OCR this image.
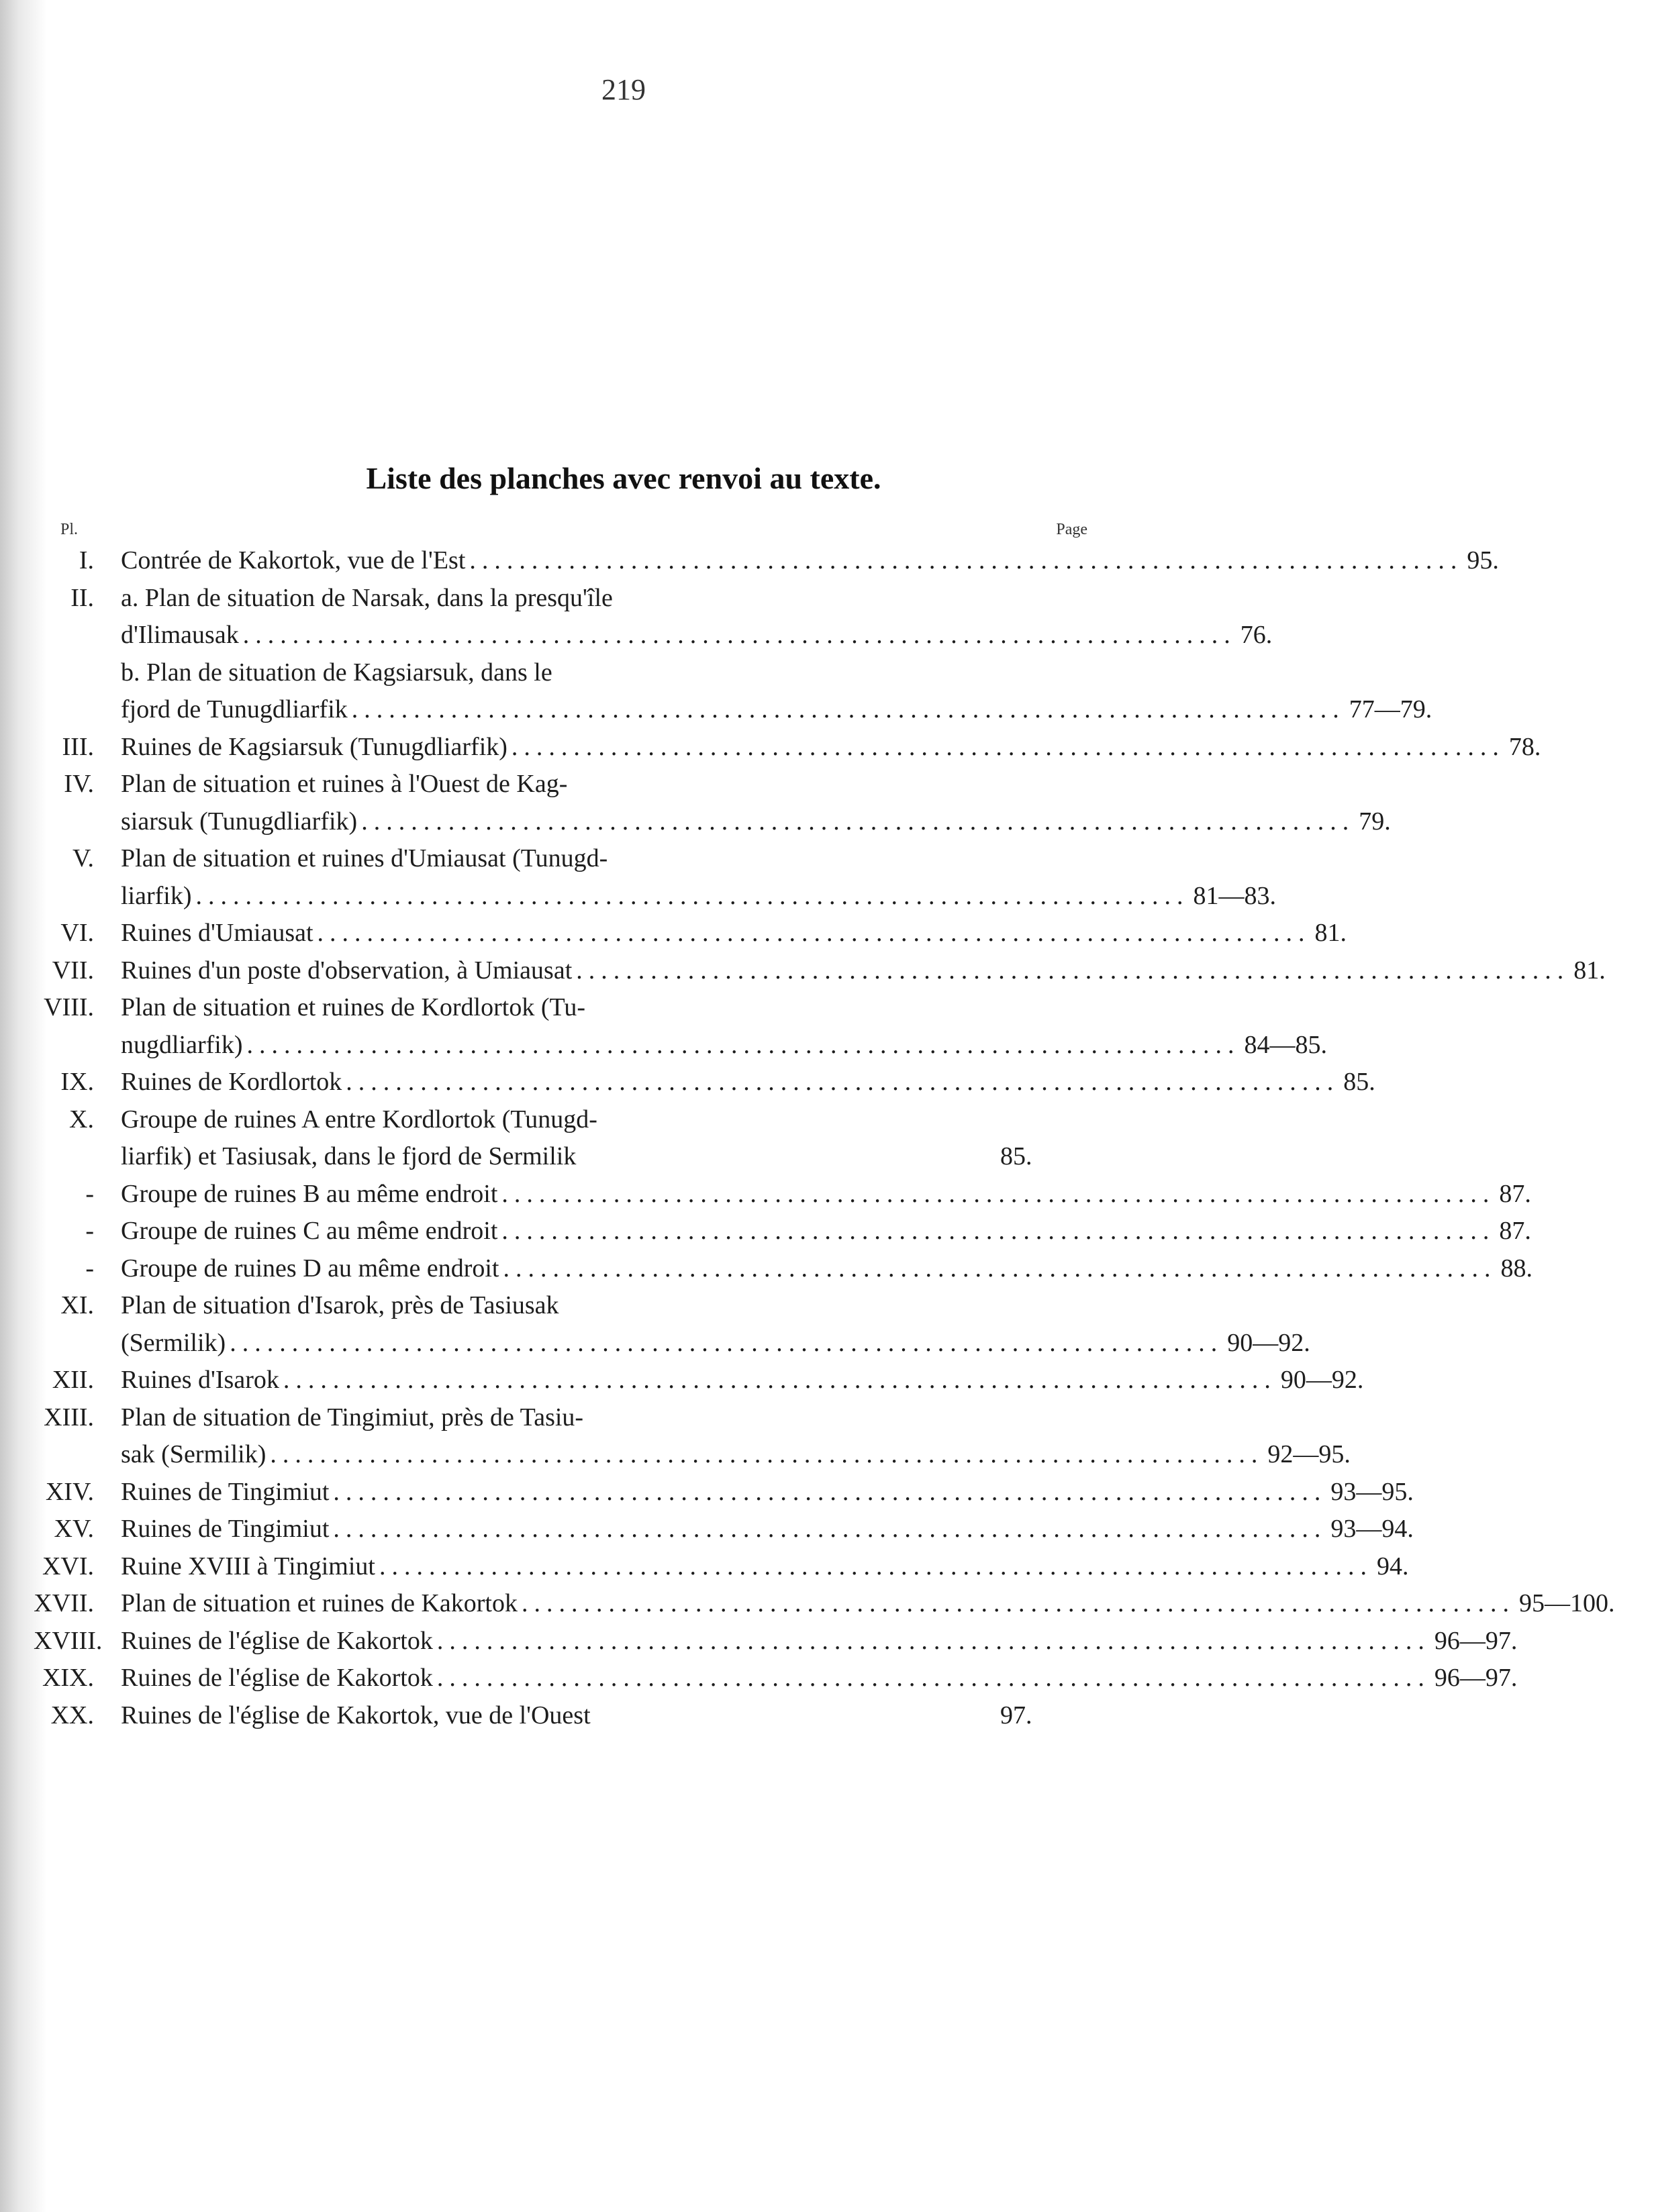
219
Liste des planches avec renvoi au texte.
Pl.	Page
I. Contrée de Kakortok, vue de l'Est ................................................................................ 95.
II. a. Plan de situation de Narsak, dans la presqu'île
d'Ilimausak ................................................................................ 76.
b. Plan de situation de Kagsiarsuk, dans le
fjord de Tunugdliarfik ................................................................................ 77—79.
III. Ruines de Kagsiarsuk (Tunugdliarfik) ................................................................................ 78.
IV. Plan de situation et ruines à l'Ouest de Kag-
siarsuk (Tunugdliarfik) ................................................................................ 79.
V. Plan de situation et ruines d'Umiausat (Tunugd-
liarfik) ................................................................................ 81—83.
VI. Ruines d'Umiausat ................................................................................ 81.
VII. Ruines d'un poste d'observation, à Umiausat ................................................................................ 81.
VIII. Plan de situation et ruines de Kordlortok (Tu-
nugdliarfik) ................................................................................ 84—85.
IX. Ruines de Kordlortok ................................................................................ 85.
X. Groupe de ruines A entre Kordlortok (Tunugd-
liarfik) et Tasiusak, dans le fjord de Sermilik	85.
- Groupe de ruines B au même endroit ................................................................................ 87.
- Groupe de ruines C au même endroit ................................................................................ 87.
- Groupe de ruines D au même endroit ................................................................................ 88.
XI. Plan de situation d'Isarok, près de Tasiusak
(Sermilik) ................................................................................ 90—92.
XII. Ruines d'Isarok ................................................................................ 90—92.
XIII. Plan de situation de Tingimiut, près de Tasiu-
sak (Sermilik) ................................................................................ 92—95.
XIV. Ruines de Tingimiut ................................................................................ 93—95.
XV. Ruines de Tingimiut ................................................................................ 93—94.
XVI. Ruine XVIII à Tingimiut ................................................................................ 94.
XVII. Plan de situation et ruines de Kakortok ................................................................................ 95—100.
XVIII. Ruines de l'église de Kakortok ................................................................................ 96—97.
XIX. Ruines de l'église de Kakortok ................................................................................ 96—97.
XX. Ruines de l'église de Kakortok, vue de l'Ouest	97.
